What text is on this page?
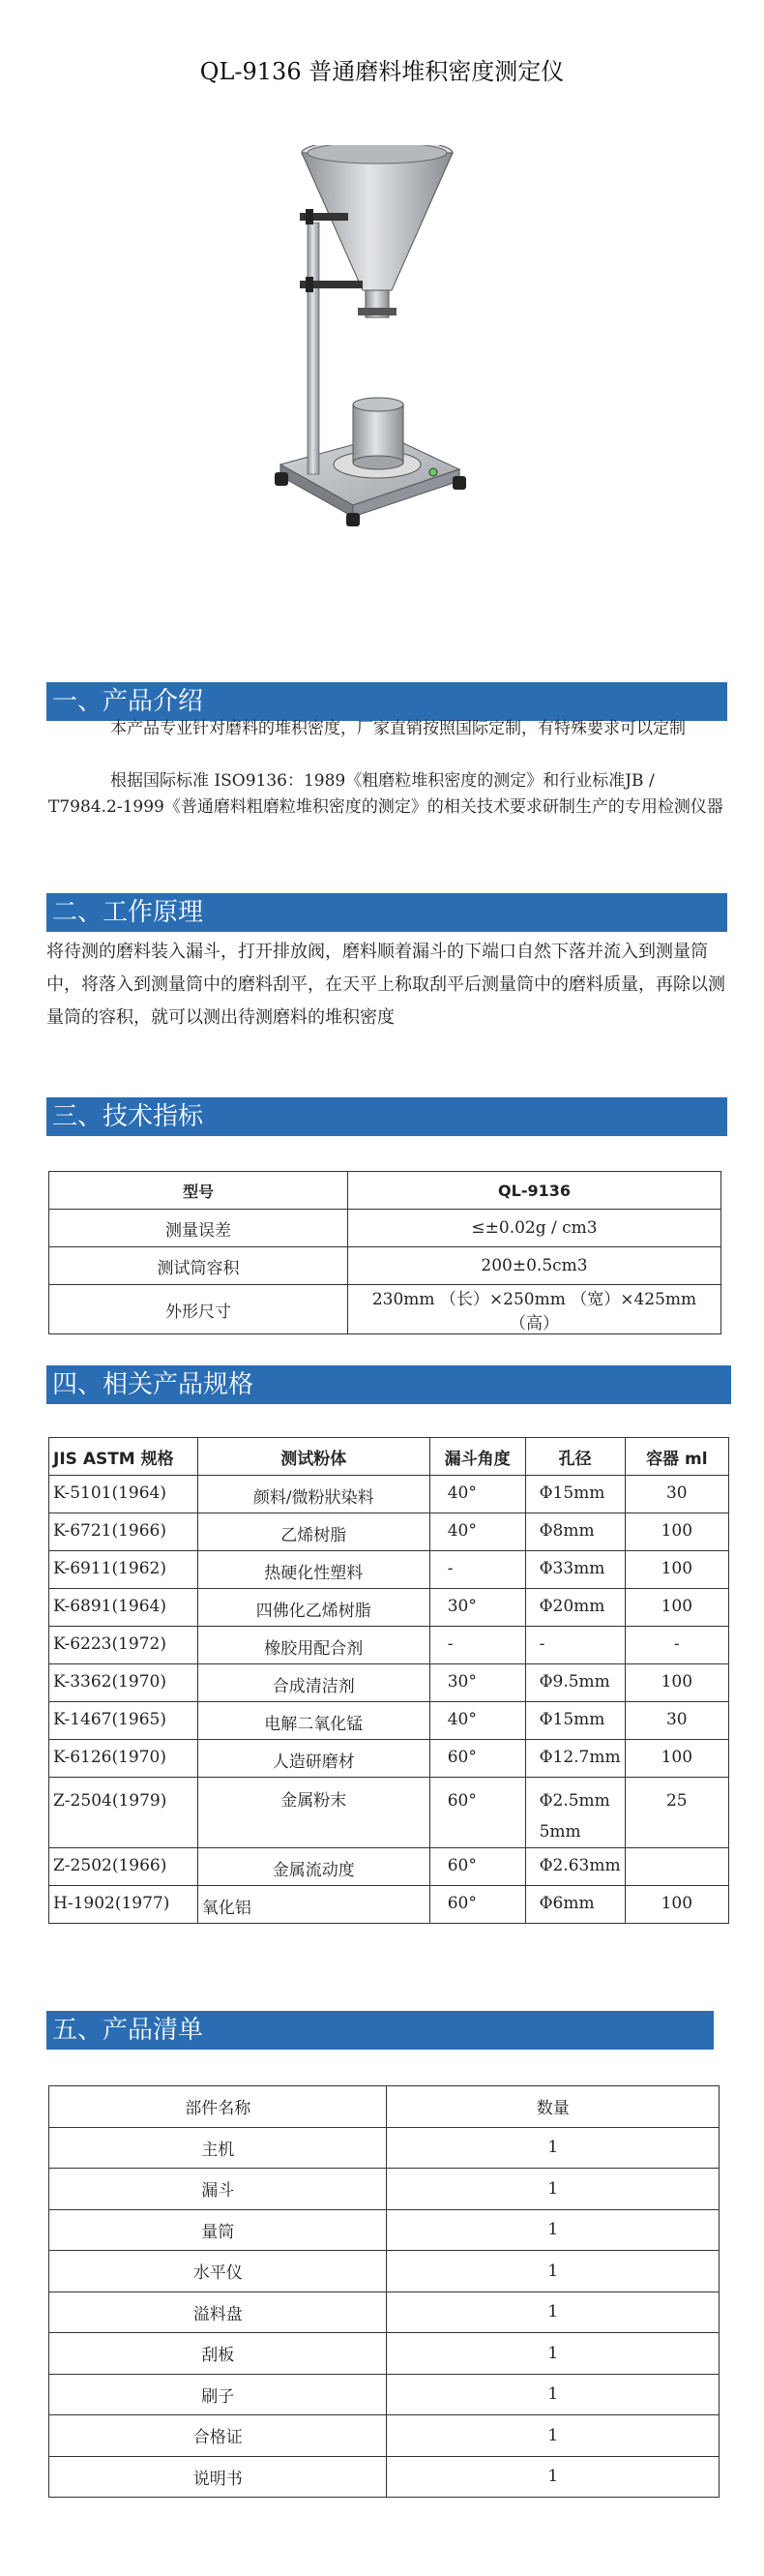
QL-9136 普通磨料堆积密度测定仪
一、产品介绍
本产品专业针对磨料的堆积密度，厂家直销按照国际定制，有特殊要求可以定制
根据国际标准 ISO9136：1989《粗磨粒堆积密度的测定》和行业标准JB / T7984.2-1999《普通磨料粗磨粒堆积密度的测定》的相关技术要求研制生产的专用检测仪器
二、工作原理
将待测的磨料装入漏斗，打开排放阀，磨料顺着漏斗的下端口自然下落并流入到测量筒中，将落入到测量筒中的磨料刮平，在天平上称取刮平后测量筒中的磨料质量，再除以测量筒的容积，就可以测出待测磨料的堆积密度
三、技术指标
型号	QL-9136
测量误差	≤±0.02g / cm3
测试筒容积	200±0.5cm3
外形尺寸	230mm （长）×250mm （宽）×425mm （高）
四、相关产品规格
JIS ASTM 规格	测试粉体	漏斗角度	孔径	容器 ml
K-5101(1964)	颜料/微粉狀染料	40°	Φ15mm	30
K-6721(1966)	乙烯树脂	40°	Φ8mm	100
K-6911(1962)	热硬化性塑料	-	Φ33mm	100
K-6891(1964)	四佛化乙烯树脂	30°	Φ20mm	100
K-6223(1972)	橡胶用配合剂	-	-	-
K-3362(1970)	合成清洁剂	30°	Φ9.5mm	100
K-1467(1965)	电解二氧化锰	40°	Φ15mm	30
K-6126(1970)	人造研磨材	60°	Φ12.7mm	100
Z-2504(1979)	金属粉末	60°	Φ2.5mm 5mm	25
Z-2502(1966)	金属流动度	60°	Φ2.63mm	
H-1902(1977)	氧化铝	60°	Φ6mm	100
五、产品清单
部件名称	数量
主机	1
漏斗	1
量筒	1
水平仪	1
溢料盘	1
刮板	1
刷子	1
合格证	1
说明书	1
